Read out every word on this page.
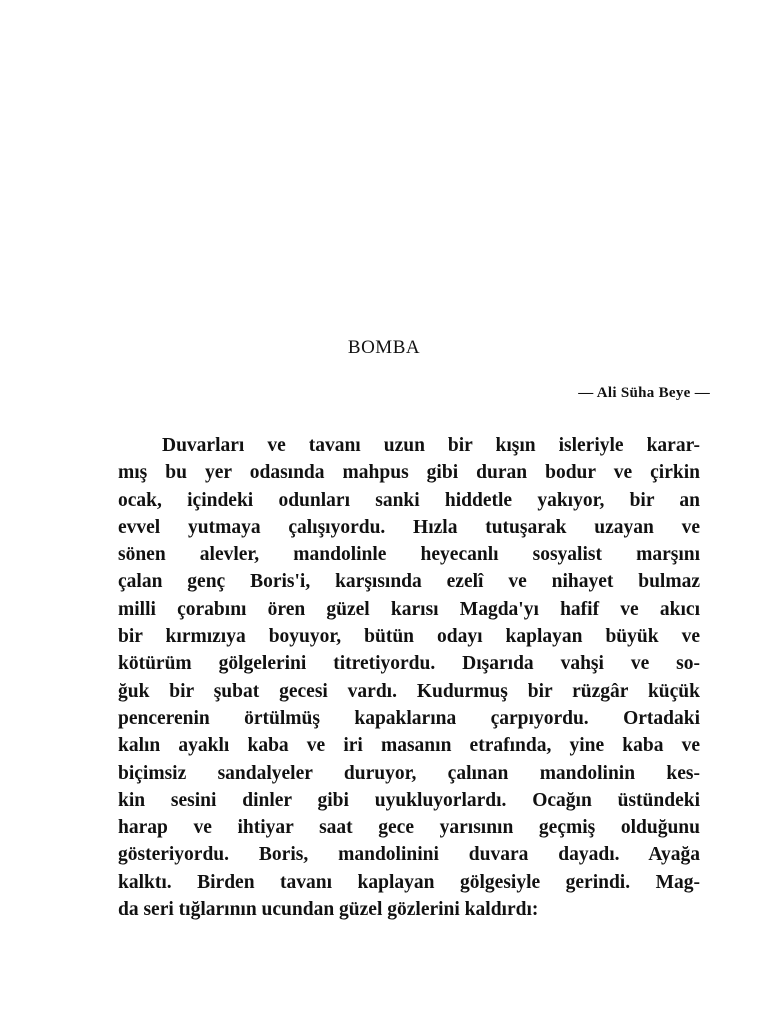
BOMBA
— Ali Süha Beye —
Duvarları ve tavanı uzun bir kışın isleriyle karar-
mış bu yer odasında mahpus gibi duran bodur ve çirkin
ocak, içindeki odunları sanki hiddetle yakıyor, bir an
evvel yutmaya çalışıyordu. Hızla tutuşarak uzayan ve
sönen alevler, mandolinle heyecanlı sosyalist marşını
çalan genç Boris'i, karşısında ezelî ve nihayet bulmaz
milli çorabını ören güzel karısı Magda'yı hafif ve akıcı
bir kırmızıya boyuyor, bütün odayı kaplayan büyük ve
kötürüm gölgelerini titretiyordu. Dışarıda vahşi ve so-
ğuk bir şubat gecesi vardı. Kudurmuş bir rüzgâr küçük
pencerenin örtülmüş kapaklarına çarpıyordu. Ortadaki
kalın ayaklı kaba ve iri masanın etrafında, yine kaba ve
biçimsiz sandalyeler duruyor, çalınan mandolinin kes-
kin sesini dinler gibi uyukluyorlardı. Ocağın üstündeki
harap ve ihtiyar saat gece yarısının geçmiş olduğunu
gösteriyordu. Boris, mandolinini duvara dayadı. Ayağa
kalktı. Birden tavanı kaplayan gölgesiyle gerindi. Mag-
da seri tığlarının ucundan güzel gözlerini kaldırdı:
